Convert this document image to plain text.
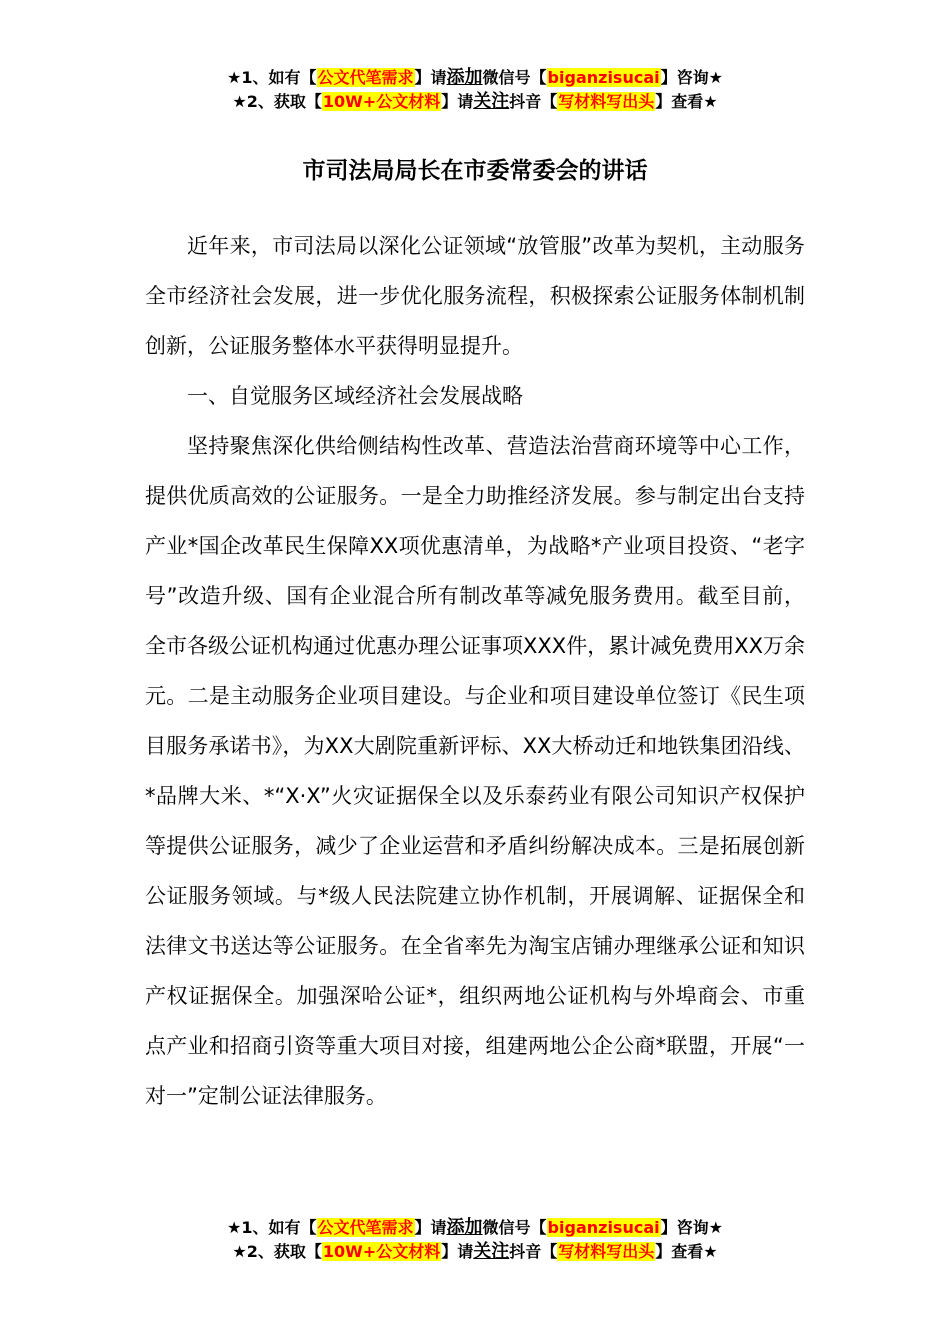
★1、如有【公文代笔需求】请添加微信号【biganzisucai】咨询★
★2、获取【10W+公文材料】请关注抖音【写材料写出头】查看★
市司法局局长在市委常委会的讲话

近年来，市司法局以深化公证领域“放管服”改革为契机，主动服务全市经济社会发展，进一步优化服务流程，积极探索公证服务体制机制创新，公证服务整体水平获得明显提升。

一、自觉服务区域经济社会发展战略

坚持聚焦深化供给侧结构性改革、营造法治营商环境等中心工作，提供优质高效的公证服务。一是全力助推经济发展。参与制定出台支持产业*国企改革民生保障XX项优惠清单，为战略*产业项目投资、“老字号”改造升级、国有企业混合所有制改革等减免服务费用。截至目前，全市各级公证机构通过优惠办理公证事项XXX件，累计减免费用XX万余元。二是主动服务企业项目建设。与企业和项目建设单位签订《民生项目服务承诺书》，为XX大剧院重新评标、XX大桥动迁和地铁集团沿线、*品牌大米、*“X·X”火灾证据保全以及乐泰药业有限公司知识产权保护等提供公证服务，减少了企业运营和矛盾纠纷解决成本。三是拓展创新公证服务领域。与*级人民法院建立协作机制，开展调解、证据保全和法律文书送达等公证服务。在全省率先为淘宝店铺办理继承公证和知识产权证据保全。加强深哈公证*，组织两地公证机构与外埠商会、市重点产业和招商引资等重大项目对接，组建两地公企公商*联盟，开展“一对一”定制公证法律服务。

★1、如有【公文代笔需求】请添加微信号【biganzisucai】咨询★
★2、获取【10W+公文材料】请关注抖音【写材料写出头】查看★
